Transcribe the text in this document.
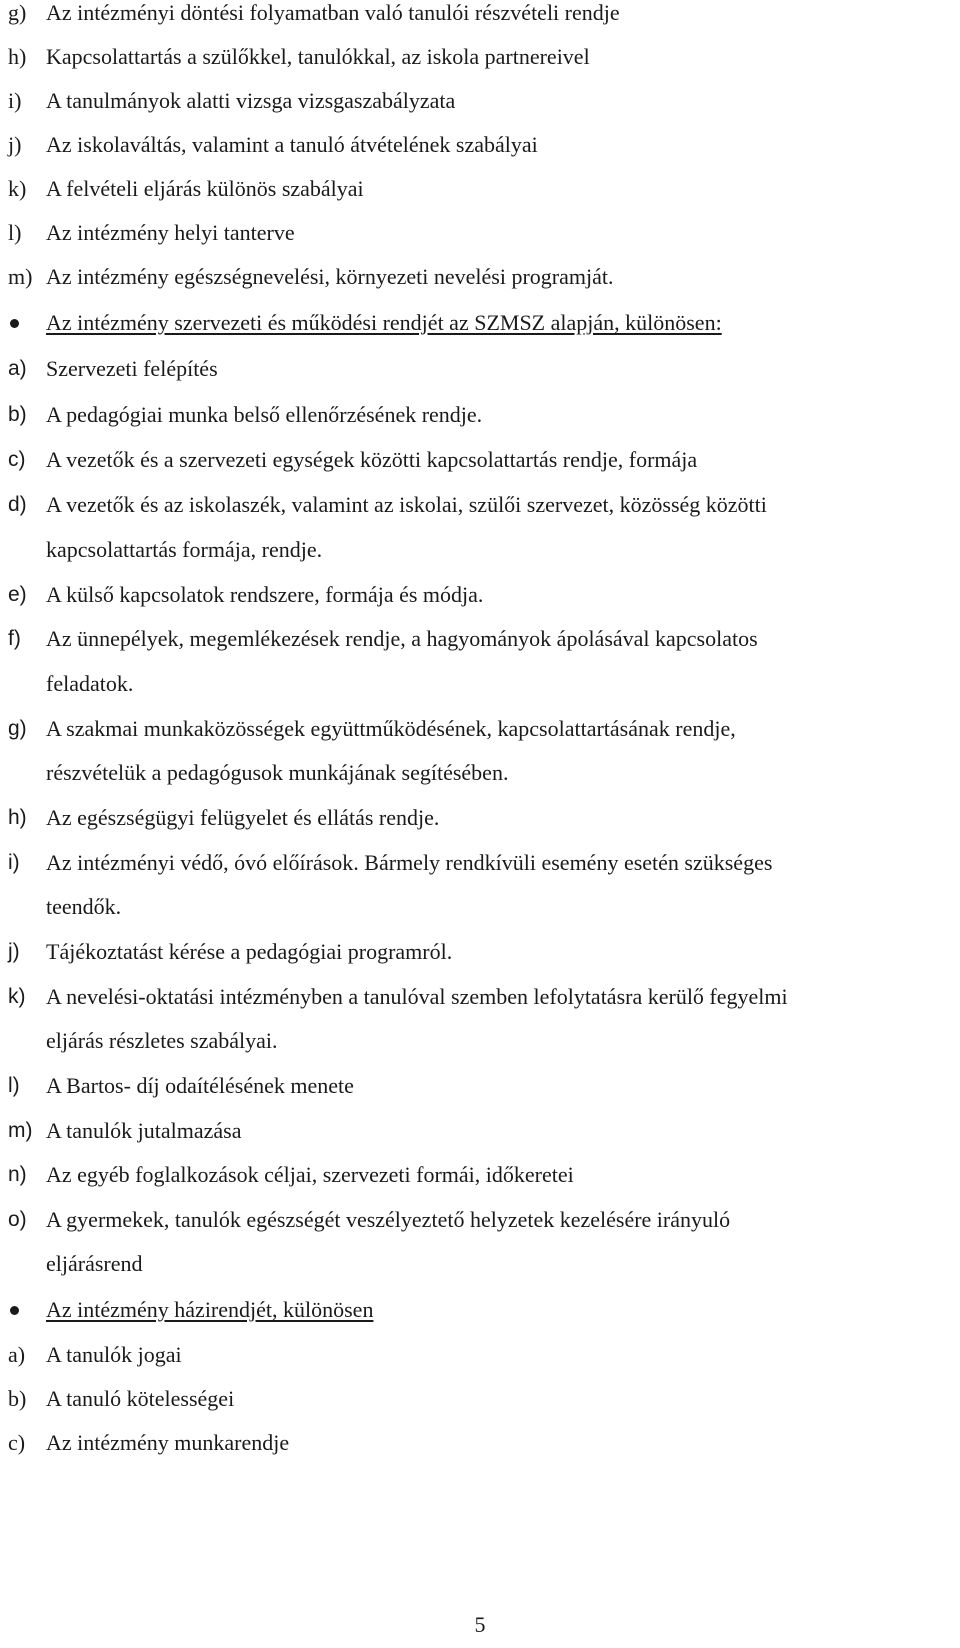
g) Az intézményi döntési folyamatban való tanulói részvételi rendje
h) Kapcsolattartás a szülőkkel, tanulókkal, az iskola partnereivel
i) A tanulmányok alatti vizsga vizsgaszabályzata
j) Az iskolaváltás, valamint a tanuló átvételének szabályai
k) A felvételi eljárás különös szabályai
l) Az intézmény helyi tanterve
m) Az intézmény egészségnevelési, környezeti nevelési programját.
Az intézmény szervezeti és működési rendjét az SZMSZ alapján, különösen:
a) Szervezeti felépítés
b) A pedagógiai munka belső ellenőrzésének rendje.
c) A vezetők és a szervezeti egységek közötti kapcsolattartás rendje, formája
d) A vezetők és az iskolaszék, valamint az iskolai, szülői szervezet, közösség közötti
kapcsolattartás formája, rendje.
e) A külső kapcsolatok rendszere, formája és módja.
f) Az ünnepélyek, megemlékezések rendje, a hagyományok ápolásával kapcsolatos
feladatok.
g) A szakmai munkaközösségek együttműködésének, kapcsolattartásának rendje,
részvételük a pedagógusok munkájának segítésében.
h) Az egészségügyi felügyelet és ellátás rendje.
i) Az intézményi védő, óvó előírások. Bármely rendkívüli esemény esetén szükséges
teendők.
j) Tájékoztatást kérése a pedagógiai programról.
k) A nevelési-oktatási intézményben a tanulóval szemben lefolytatásra kerülő fegyelmi
eljárás részletes szabályai.
l) A Bartos- díj odaítélésének menete
m) A tanulók jutalmazása
n) Az egyéb foglalkozások céljai, szervezeti formái, időkeretei
o) A gyermekek, tanulók egészségét veszélyeztető helyzetek kezelésére irányuló
eljárásrend
Az intézmény házirendjét, különösen
a) A tanulók jogai
b) A tanuló kötelességei
c) Az intézmény munkarendje
5
